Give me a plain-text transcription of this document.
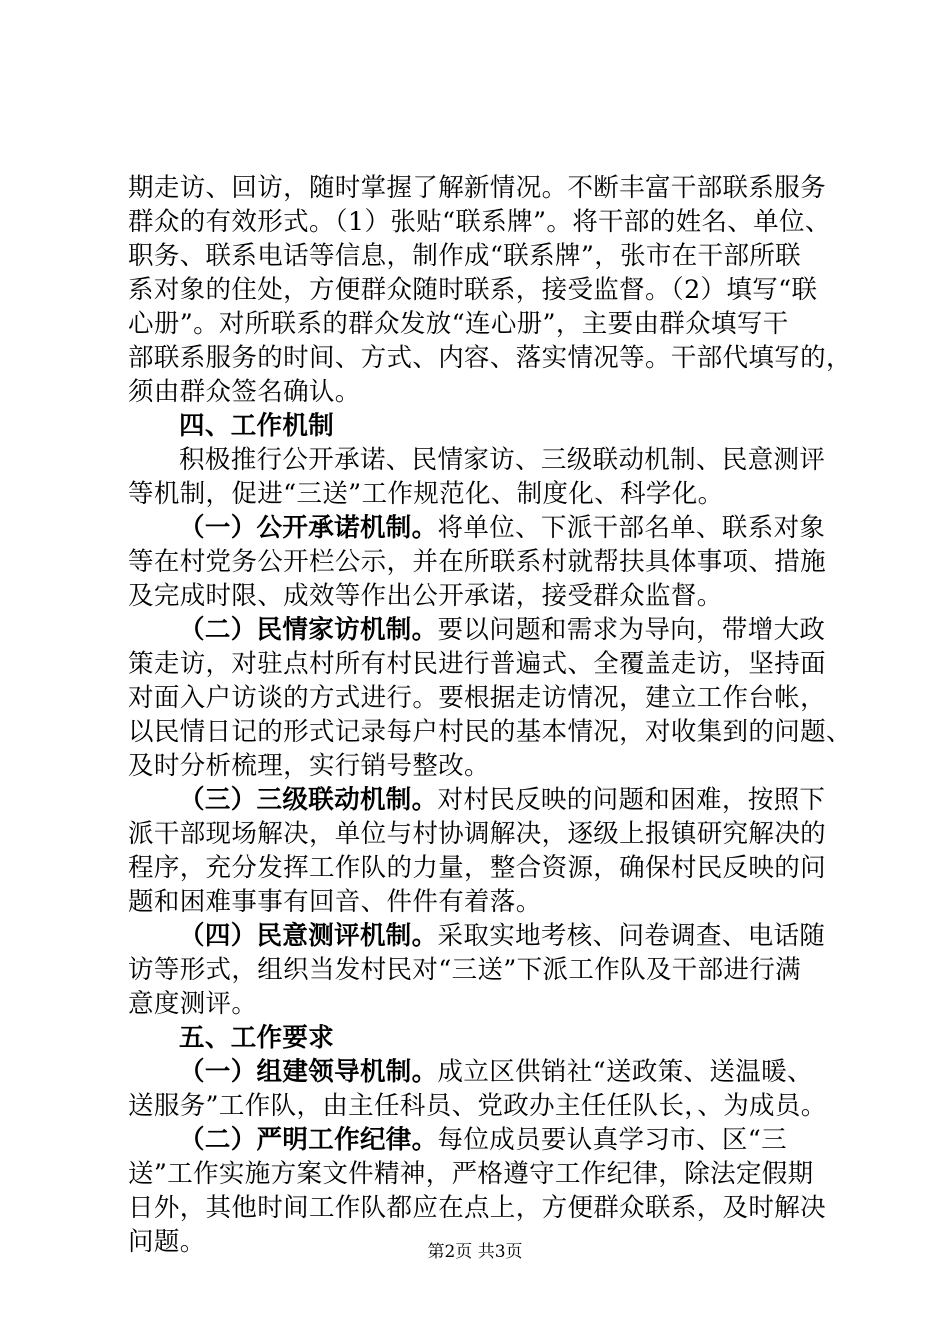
期走访、回访，随时掌握了解新情况。不断丰富干部联系服务
群众的有效形式。（1）张贴“联系牌”。将干部的姓名、单位、
职务、联系电话等信息，制作成“联系牌”，张市在干部所联
系对象的住处，方便群众随时联系，接受监督。（2）填写“联
心册”。对所联系的群众发放“连心册”，主要由群众填写干
部联系服务的时间、方式、内容、落实情况等。干部代填写的，
须由群众签名确认。
四、工作机制
积极推行公开承诺、民情家访、三级联动机制、民意测评
等机制，促进“三送”工作规范化、制度化、科学化。
（一）公开承诺机制。将单位、下派干部名单、联系对象
等在村党务公开栏公示，并在所联系村就帮扶具体事项、措施
及完成时限、成效等作出公开承诺，接受群众监督。
（二）民情家访机制。要以问题和需求为导向，带增大政
策走访，对驻点村所有村民进行普遍式、全覆盖走访，坚持面
对面入户访谈的方式进行。要根据走访情况，建立工作台帐，
以民情日记的形式记录每户村民的基本情况，对收集到的问题、
及时分析梳理，实行销号整改。
（三）三级联动机制。对村民反映的问题和困难，按照下
派干部现场解决，单位与村协调解决，逐级上报镇研究解决的
程序，充分发挥工作队的力量，整合资源，确保村民反映的问
题和困难事事有回音、件件有着落。
（四）民意测评机制。采取实地考核、问卷调查、电话随
访等形式，组织当发村民对“三送”下派工作队及干部进行满
意度测评。
五、工作要求
（一）组建领导机制。成立区供销社“送政策、送温暖、
送服务”工作队，由主任科员、党政办主任任队长，、为成员。
（二）严明工作纪律。每位成员要认真学习市、区“三
送”工作实施方案文件精神，严格遵守工作纪律，除法定假期
日外，其他时间工作队都应在点上，方便群众联系，及时解决
问题。	第2页 共3页
